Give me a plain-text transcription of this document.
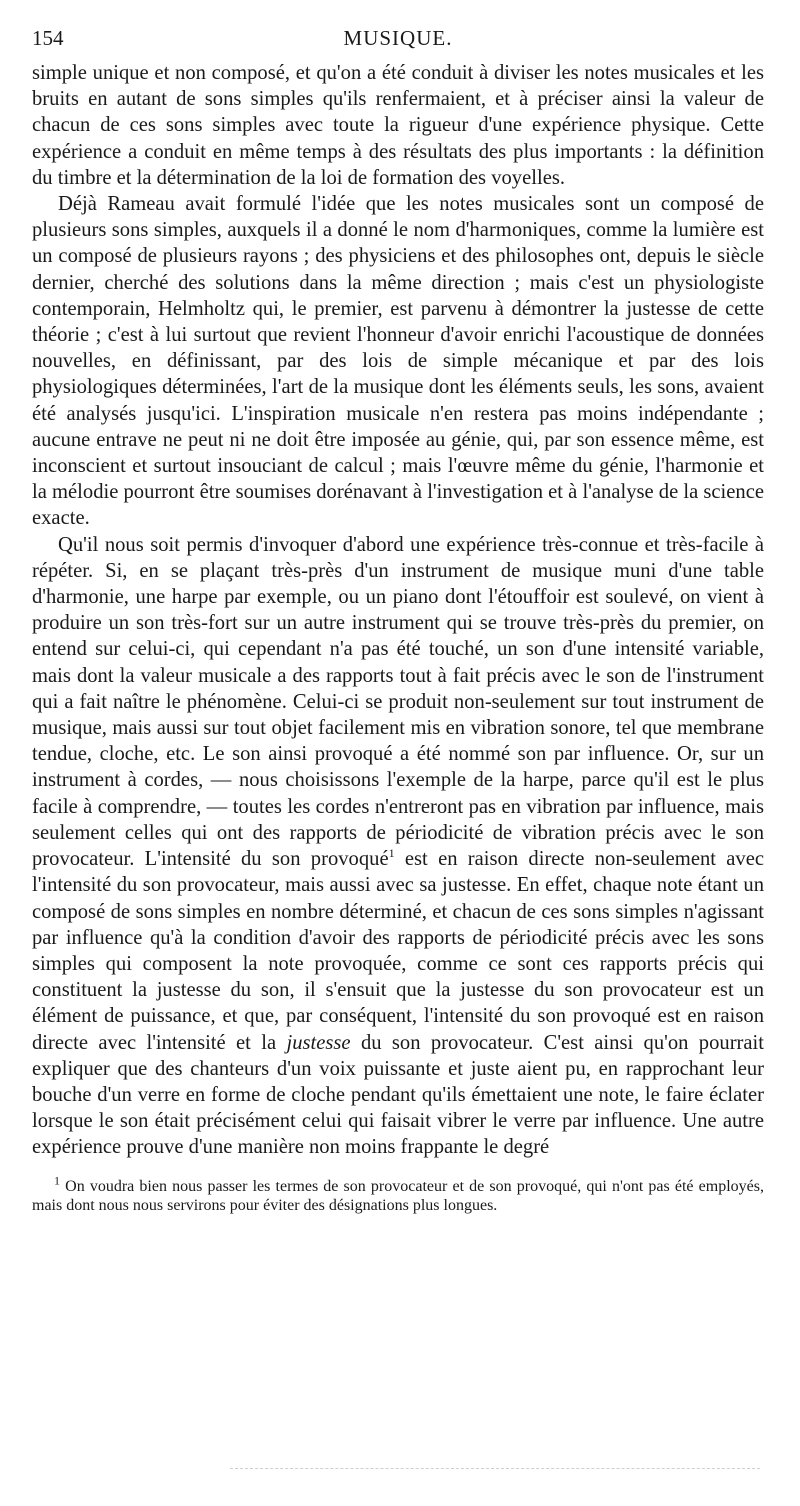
154	MUSIQUE.

simple unique et non composé, et qu'on a été conduit à diviser les notes musicales et les bruits en autant de sons simples qu'ils renfermaient, et à préciser ainsi la valeur de chacun de ces sons simples avec toute la rigueur d'une expérience physique. Cette expérience a conduit en même temps à des résultats des plus importants : la définition du timbre et la détermination de la loi de formation des voyelles.

Déjà Rameau avait formulé l'idée que les notes musicales sont un composé de plusieurs sons simples, auxquels il a donné le nom d'harmoniques, comme la lumière est un composé de plusieurs rayons ; des physiciens et des philosophes ont, depuis le siècle dernier, cherché des solutions dans la même direction ; mais c'est un physiologiste contemporain, Helmholtz qui, le premier, est parvenu à démontrer la justesse de cette théorie ; c'est à lui surtout que revient l'honneur d'avoir enrichi l'acoustique de données nouvelles, en définissant, par des lois de simple mécanique et par des lois physiologiques déterminées, l'art de la musique dont les éléments seuls, les sons, avaient été analysés jusqu'ici. L'inspiration musicale n'en restera pas moins indépendante ; aucune entrave ne peut ni ne doit être imposée au génie, qui, par son essence même, est inconscient et surtout insouciant de calcul ; mais l'œuvre même du génie, l'harmonie et la mélodie pourront être soumises dorénavant à l'investigation et à l'analyse de la science exacte.

Qu'il nous soit permis d'invoquer d'abord une expérience très-connue et très-facile à répéter. Si, en se plaçant très-près d'un instrument de musique muni d'une table d'harmonie, une harpe par exemple, ou un piano dont l'étouffoir est soulevé, on vient à produire un son très-fort sur un autre instrument qui se trouve très-près du premier, on entend sur celui-ci, qui cependant n'a pas été touché, un son d'une intensité variable, mais dont la valeur musicale a des rapports tout à fait précis avec le son de l'instrument qui a fait naître le phénomène. Celui-ci se produit non-seulement sur tout instrument de musique, mais aussi sur tout objet facilement mis en vibration sonore, tel que membrane tendue, cloche, etc. Le son ainsi provoqué a été nommé son par influence. Or, sur un instrument à cordes, — nous choisissons l'exemple de la harpe, parce qu'il est le plus facile à comprendre, — toutes les cordes n'entreront pas en vibration par influence, mais seulement celles qui ont des rapports de périodicité de vibration précis avec le son provocateur. L'intensité du son provoqué$^1$ est en raison directe non-seulement avec l'intensité du son provocateur, mais aussi avec sa justesse. En effet, chaque note étant un composé de sons simples en nombre déterminé, et chacun de ces sons simples n'agissant par influence qu'à la condition d'avoir des rapports de périodicité précis avec les sons simples qui composent la note provoquée, comme ce sont ces rapports précis qui constituent la justesse du son, il s'ensuit que la justesse du son provocateur est un élément de puissance, et que, par conséquent, l'intensité du son provoqué est en raison directe avec l'intensité et la justesse du son provocateur. C'est ainsi qu'on pourrait expliquer que des chanteurs d'un voix puissante et juste aient pu, en rapprochant leur bouche d'un verre en forme de cloche pendant qu'ils émettaient une note, le faire éclater lorsque le son était précisément celui qui faisait vibrer le verre par influence. Une autre expérience prouve d'une manière non moins frappante le degré

$^1$ On voudra bien nous passer les termes de son provocateur et de son provoqué, qui n'ont pas été employés, mais dont nous nous servirons pour éviter des désignations plus longues.
